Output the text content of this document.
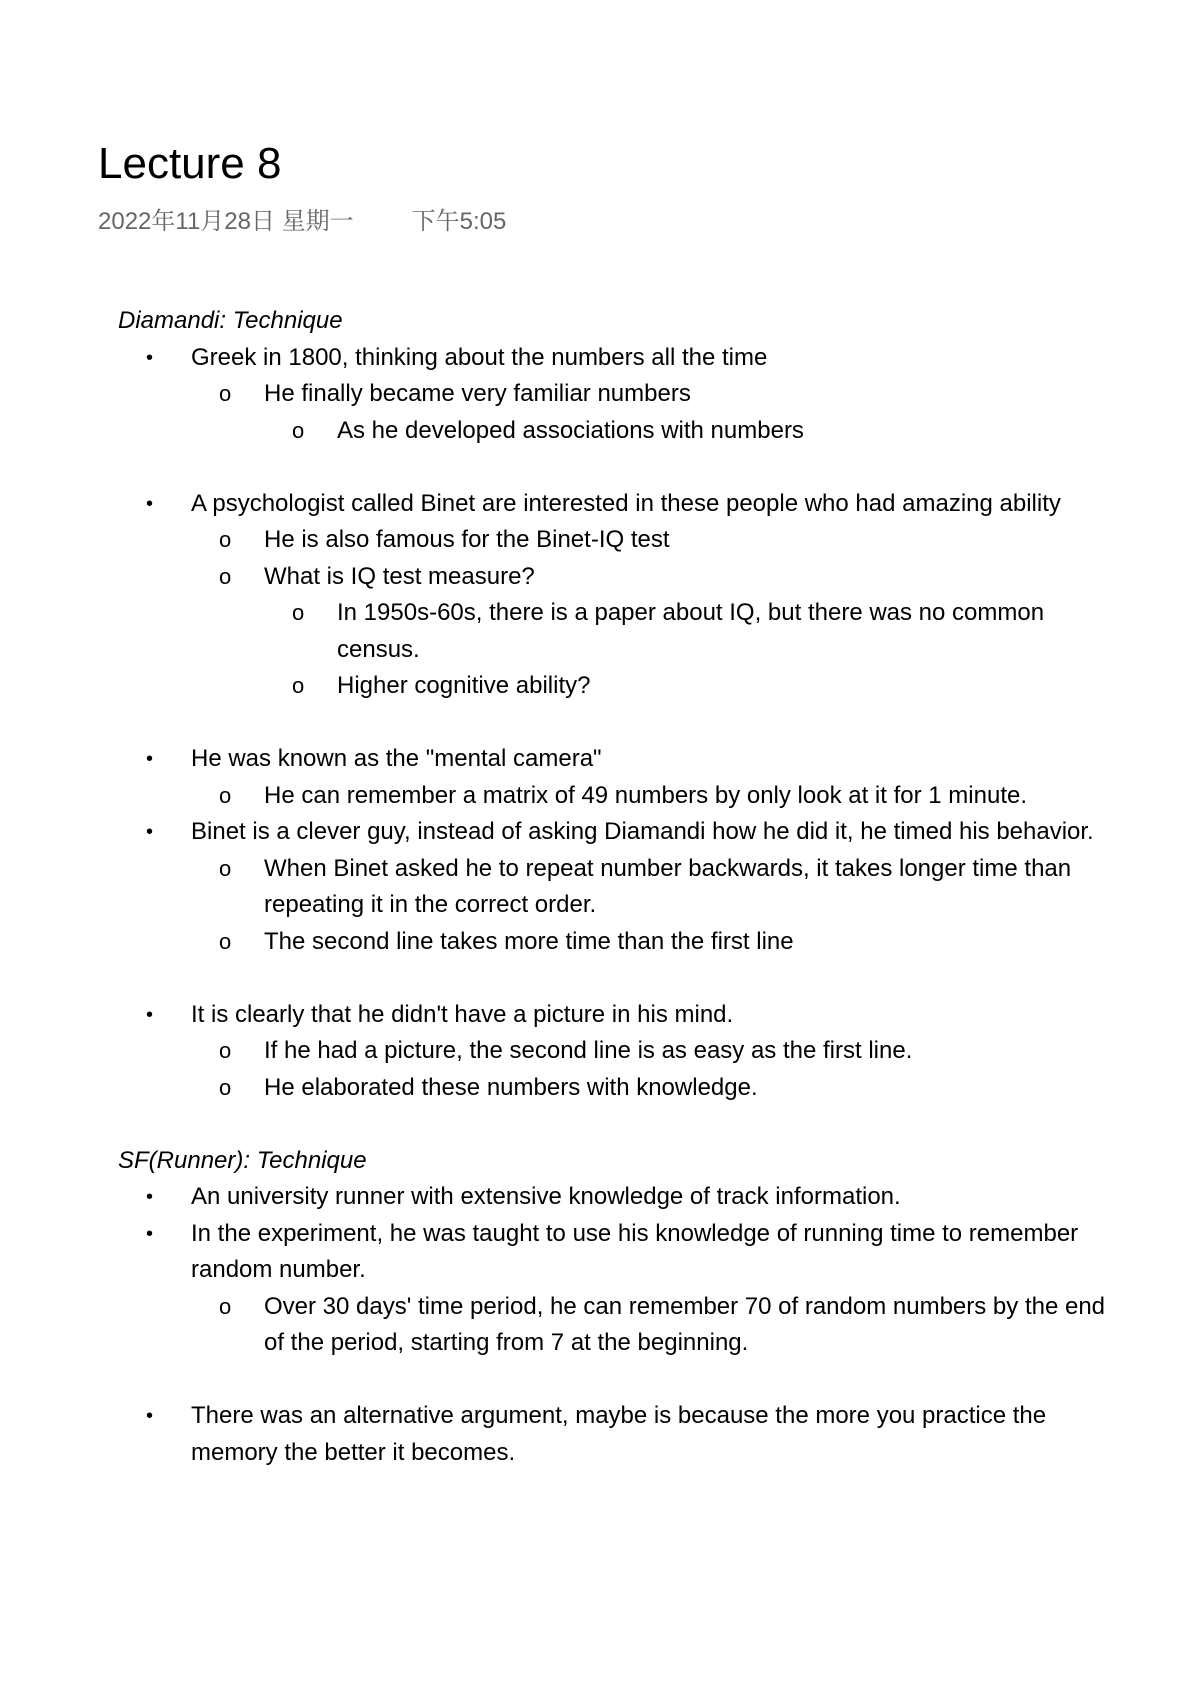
Lecture 8
2022年11月28日 星期一 下午5:05
Diamandi: Technique
• Greek in 1800, thinking about the numbers all the time
o He finally became very familiar numbers
o As he developed associations with numbers
• A psychologist called Binet are interested in these people who had amazing ability
o He is also famous for the Binet-IQ test
o What is IQ test measure?
o In 1950s-60s, there is a paper about IQ, but there was no common census.
o Higher cognitive ability?
• He was known as the "mental camera"
o He can remember a matrix of 49 numbers by only look at it for 1 minute.
• Binet is a clever guy, instead of asking Diamandi how he did it, he timed his behavior.
o When Binet asked he to repeat number backwards, it takes longer time than repeating it in the correct order.
o The second line takes more time than the first line
• It is clearly that he didn't have a picture in his mind.
o If he had a picture, the second line is as easy as the first line.
o He elaborated these numbers with knowledge.
SF(Runner): Technique
• An university runner with extensive knowledge of track information.
• In the experiment, he was taught to use his knowledge of running time to remember random number.
o Over 30 days' time period, he can remember 70 of random numbers by the end of the period, starting from 7 at the beginning.
• There was an alternative argument, maybe is because the more you practice the memory the better it becomes.
